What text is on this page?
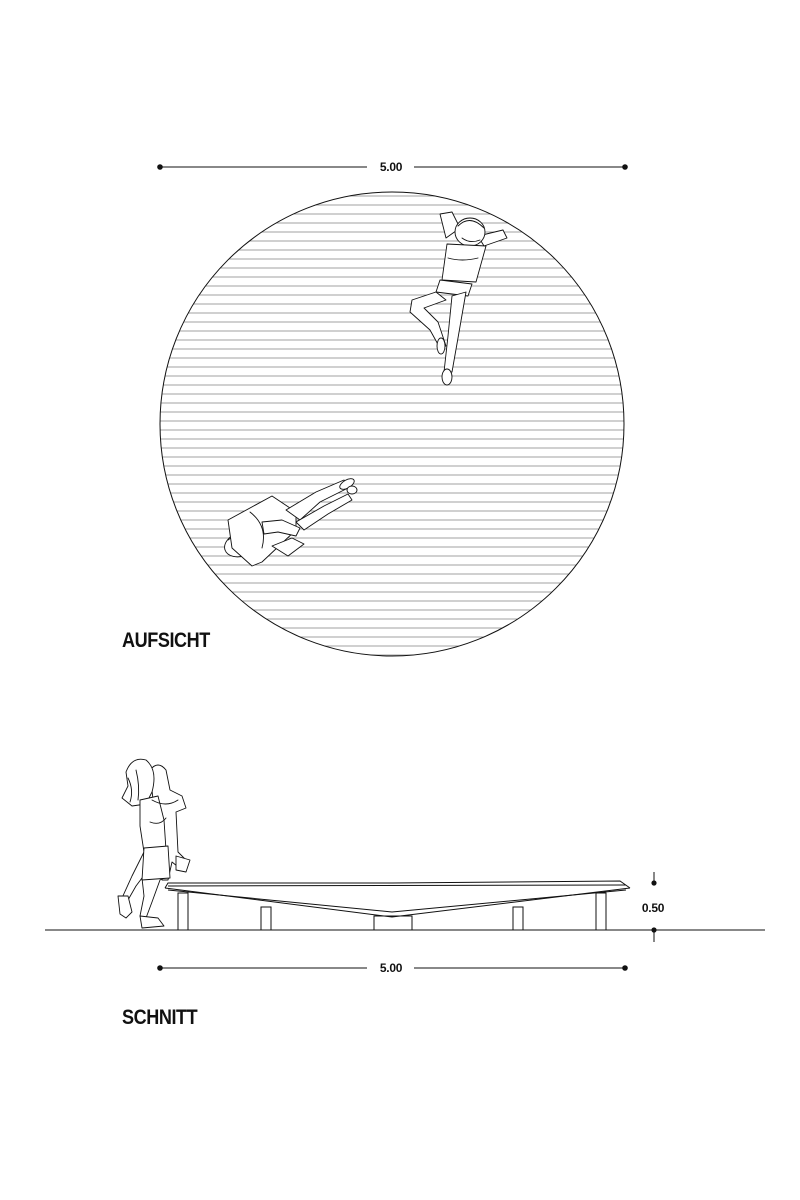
5.00
0.50
5.00
AUFSICHT
SCHNITT
